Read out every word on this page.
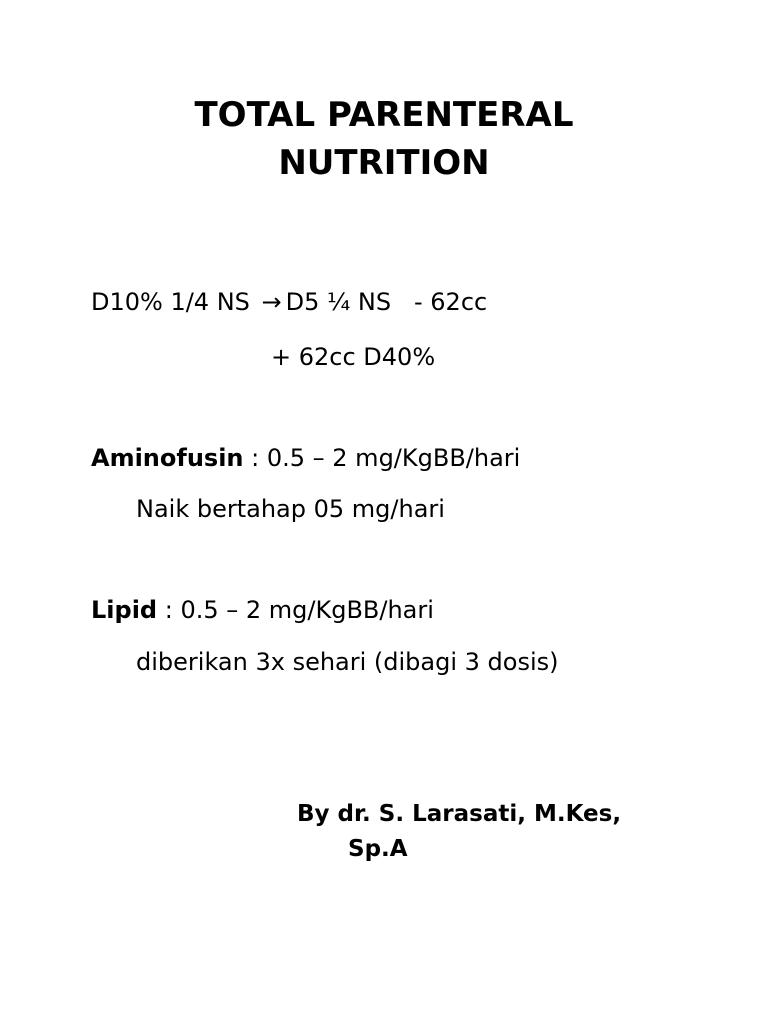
TOTAL PARENTERAL
NUTRITION

D10% 1/4 NS → D5 ¼ NS   - 62cc

+ 62cc D40%

Aminofusin : 0.5 – 2 mg/KgBB/hari

Naik bertahap 05 mg/hari

Lipid : 0.5 – 2 mg/KgBB/hari

diberikan 3x sehari (dibagi 3 dosis)

By dr. S. Larasati, M.Kes,
Sp.A
